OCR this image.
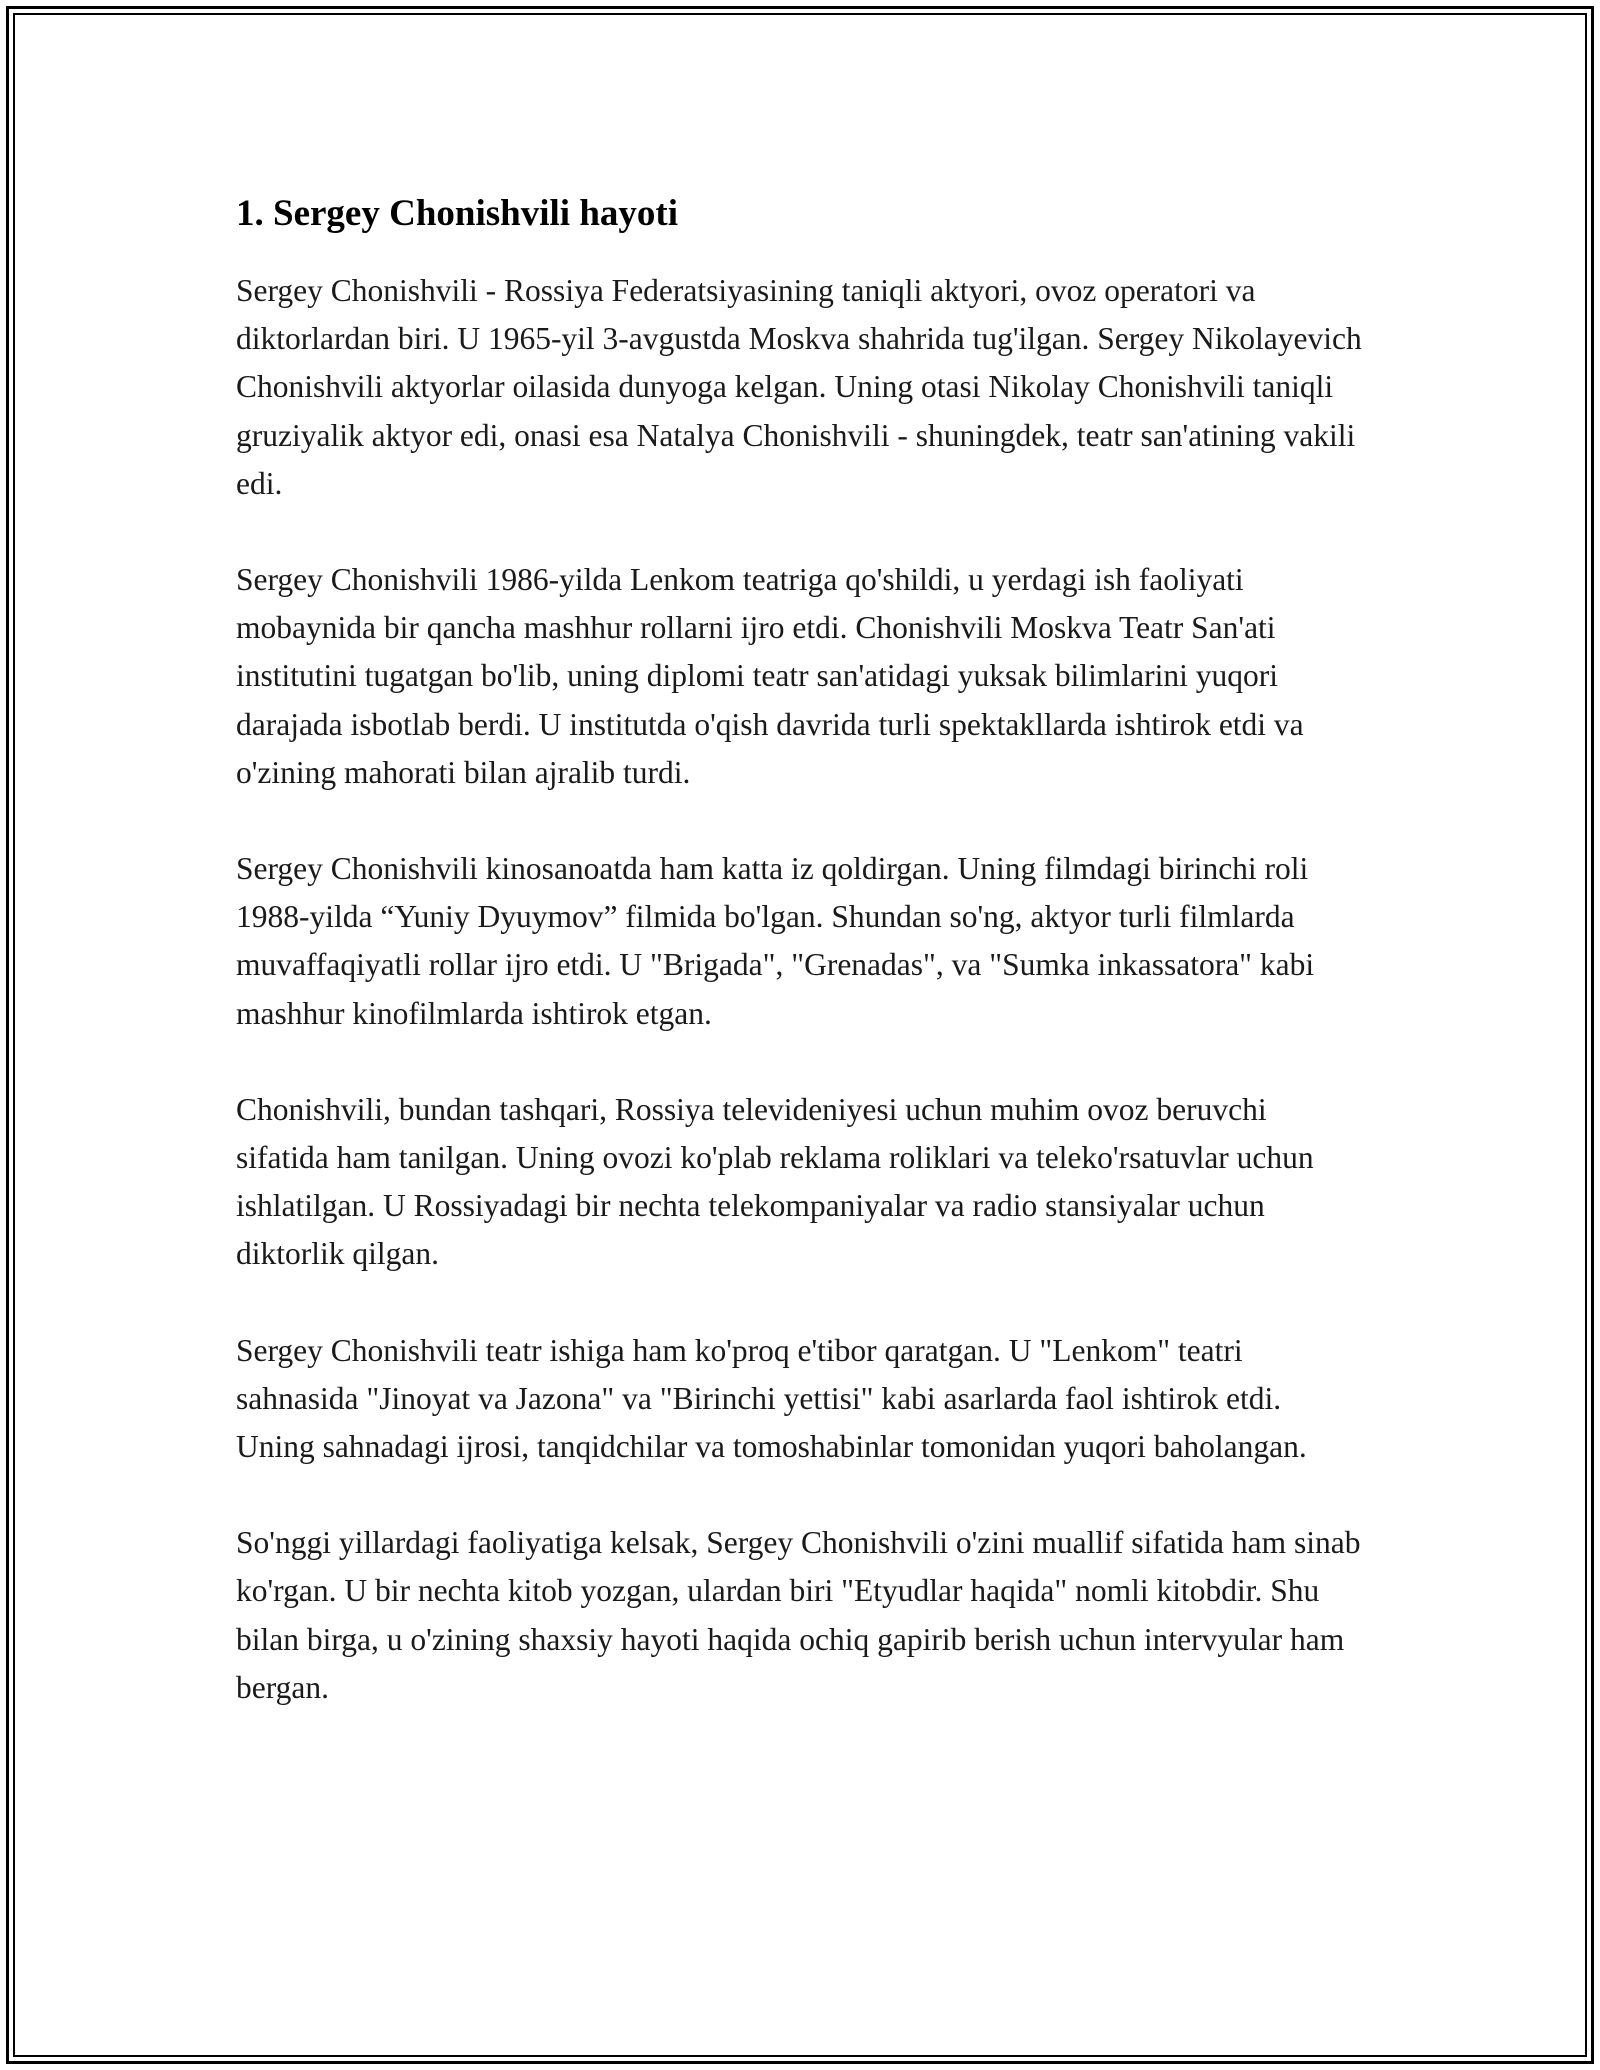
1. Sergey Chonishvili hayoti

Sergey Chonishvili - Rossiya Federatsiyasining taniqli aktyori, ovoz operatori va diktorlardan biri. U 1965-yil 3-avgustda Moskva shahrida tug'ilgan. Sergey Nikolayevich Chonishvili aktyorlar oilasida dunyoga kelgan. Uning otasi Nikolay Chonishvili taniqli gruziyalik aktyor edi, onasi esa Natalya Chonishvili - shuningdek, teatr san'atining vakili edi.

Sergey Chonishvili 1986-yilda Lenkom teatriga qo'shildi, u yerdagi ish faoliyati mobaynida bir qancha mashhur rollarni ijro etdi. Chonishvili Moskva Teatr San'ati institutini tugatgan bo'lib, uning diplomi teatr san'atidagi yuksak bilimlarini yuqori darajada isbotlab berdi. U institutda o'qish davrida turli spektakllarda ishtirok etdi va o'zining mahorati bilan ajralib turdi.

Sergey Chonishvili kinosanoatda ham katta iz qoldirgan. Uning filmdagi birinchi roli 1988-yilda “Yuniy Dyuymov” filmida bo'lgan. Shundan so'ng, aktyor turli filmlarda muvaffaqiyatli rollar ijro etdi. U "Brigada", "Grenadas", va "Sumka inkassatora" kabi mashhur kinofilmlarda ishtirok etgan.

Chonishvili, bundan tashqari, Rossiya televideniyesi uchun muhim ovoz beruvchi sifatida ham tanilgan. Uning ovozi ko'plab reklama roliklari va teleko'rsatuvlar uchun ishlatilgan. U Rossiyadagi bir nechta telekompaniyalar va radio stansiyalar uchun diktorlik qilgan.

Sergey Chonishvili teatr ishiga ham ko'proq e'tibor qaratgan. U "Lenkom" teatri sahnasida "Jinoyat va Jazona" va "Birinchi yettisi" kabi asarlarda faol ishtirok etdi. Uning sahnadagi ijrosi, tanqidchilar va tomoshabinlar tomonidan yuqori baholangan.

So'nggi yillardagi faoliyatiga kelsak, Sergey Chonishvili o'zini muallif sifatida ham sinab ko'rgan. U bir nechta kitob yozgan, ulardan biri "Etyudlar haqida" nomli kitobdir. Shu bilan birga, u o'zining shaxsiy hayoti haqida ochiq gapirib berish uchun intervyular ham bergan.
